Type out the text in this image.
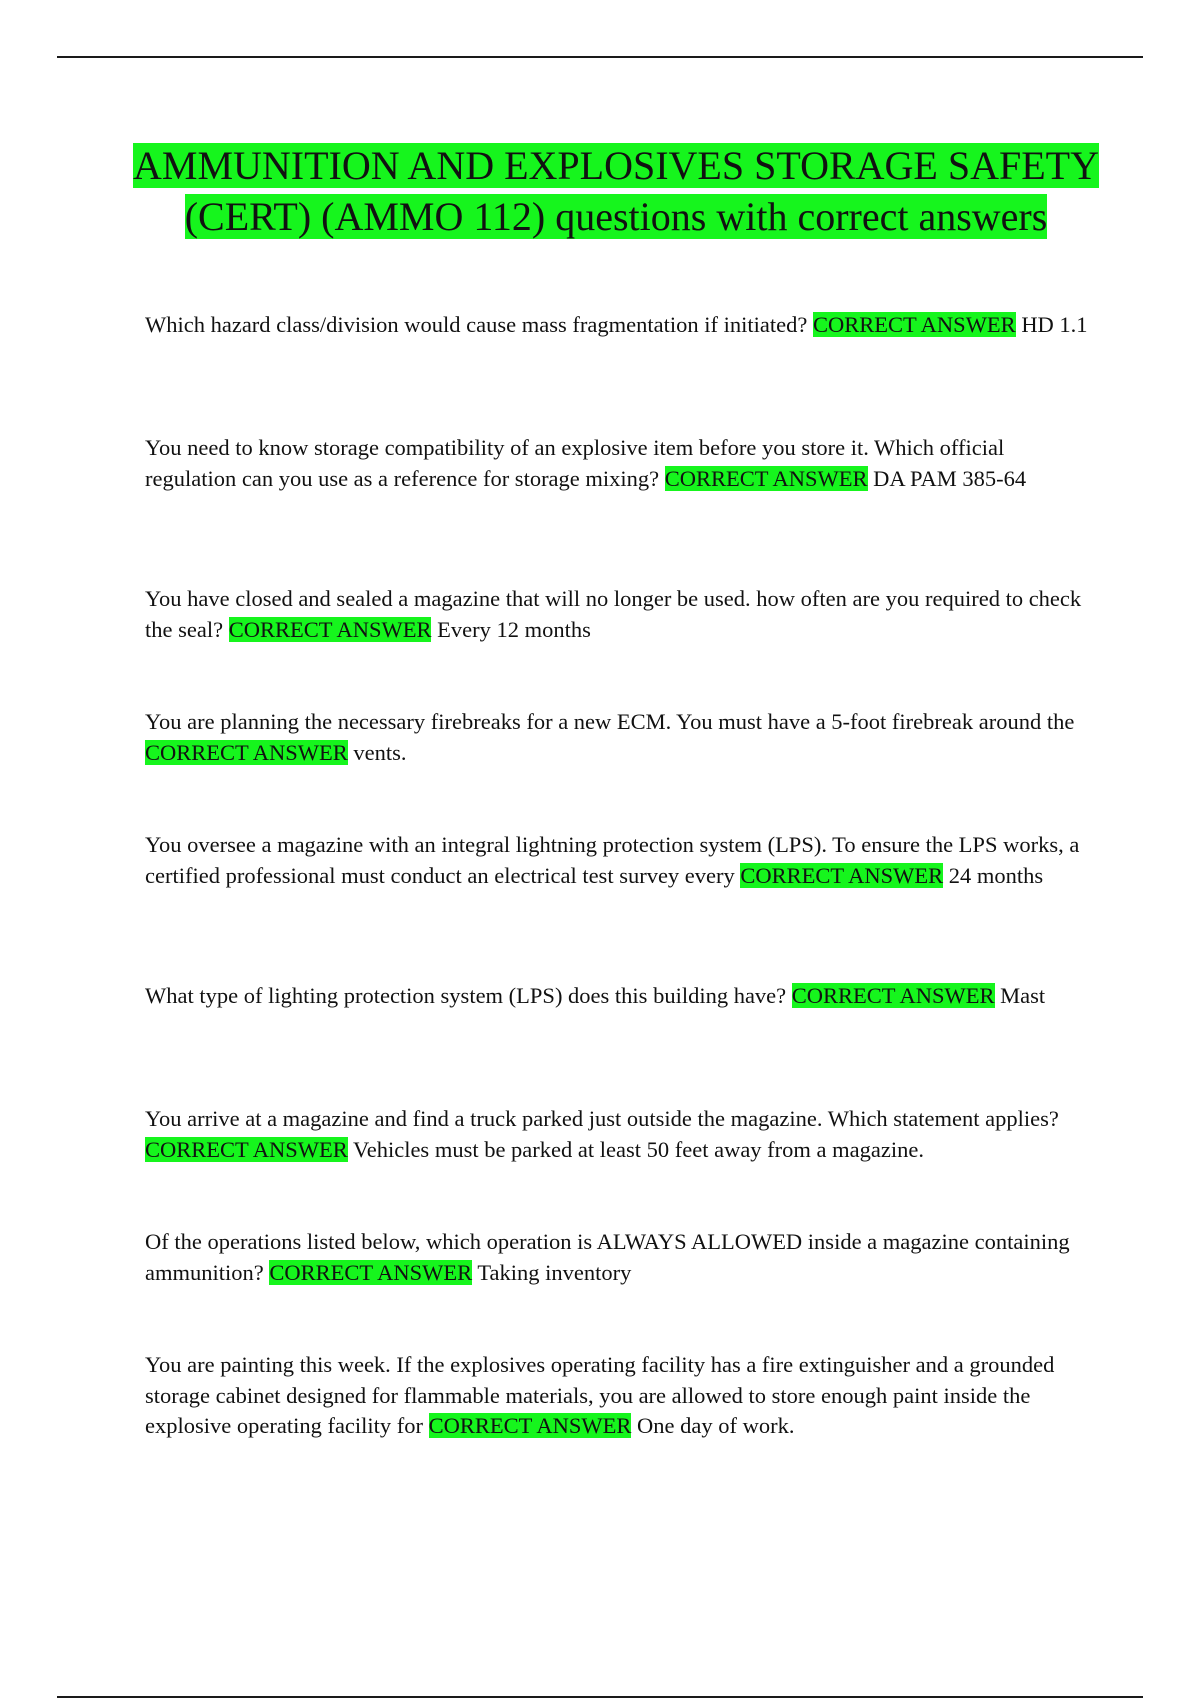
AMMUNITION AND EXPLOSIVES STORAGE SAFETY (CERT) (AMMO 112) questions with correct answers

Which hazard class/division would cause mass fragmentation if initiated? CORRECT ANSWER HD 1.1

You need to know storage compatibility of an explosive item before you store it. Which official regulation can you use as a reference for storage mixing? CORRECT ANSWER DA PAM 385-64

You have closed and sealed a magazine that will no longer be used. how often are you required to check the seal? CORRECT ANSWER Every 12 months

You are planning the necessary firebreaks for a new ECM. You must have a 5-foot firebreak around the CORRECT ANSWER vents.

You oversee a magazine with an integral lightning protection system (LPS). To ensure the LPS works, a certified professional must conduct an electrical test survey every CORRECT ANSWER 24 months

What type of lighting protection system (LPS) does this building have? CORRECT ANSWER Mast

You arrive at a magazine and find a truck parked just outside the magazine. Which statement applies? CORRECT ANSWER Vehicles must be parked at least 50 feet away from a magazine.

Of the operations listed below, which operation is ALWAYS ALLOWED inside a magazine containing ammunition? CORRECT ANSWER Taking inventory

You are painting this week. If the explosives operating facility has a fire extinguisher and a grounded storage cabinet designed for flammable materials, you are allowed to store enough paint inside the explosive operating facility for CORRECT ANSWER One day of work.
